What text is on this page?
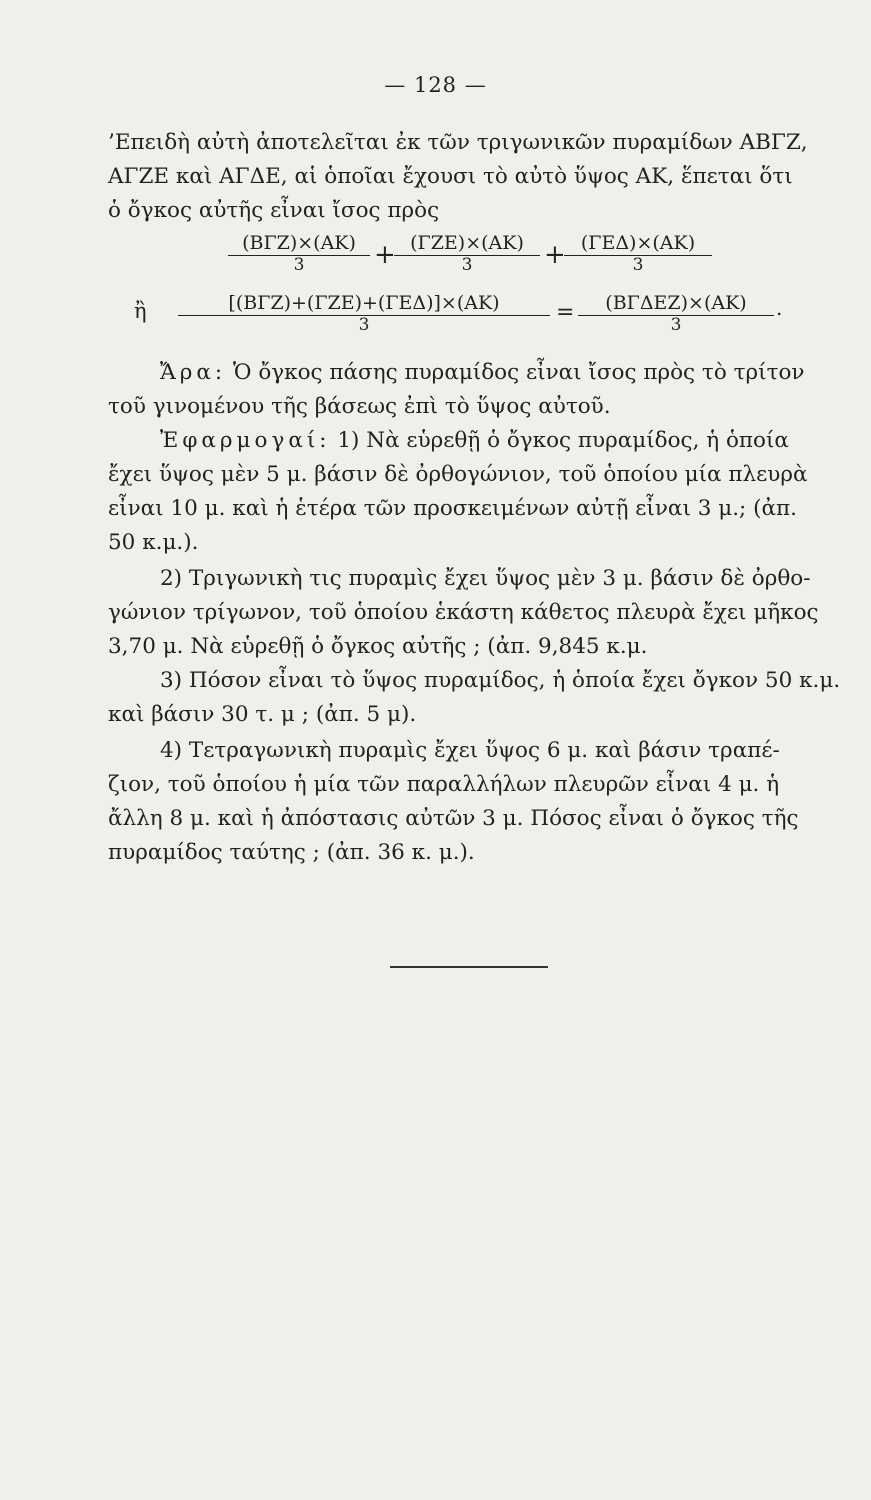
— 128 —
’Επειδὴ αὐτὴ ἀποτελεῖται ἐκ τῶν τριγωνικῶν πυραμίδων ΑΒΓΖ,
ΑΓΖΕ καὶ ΑΓΔΕ, αἱ ὁποῖαι ἔχουσι τὸ αὐτὸ ὕψος ΑΚ, ἕπεται ὅτι
ὁ ὄγκος αὐτῆς εἶναι ἴσος πρὸς
(ΒΓΖ)×(ΑΚ)
3	+ (ΓΖΕ)×(ΑΚ)
3	+ (ΓΕΔ)×(ΑΚ)
3
ἢ	[(ΒΓΖ)+(ΓΖΕ)+(ΓΕΔ)]×(ΑΚ)
3	=	(ΒΓΔΕΖ)×(ΑΚ)
3
.
Ἄρα: Ὁ ὄγκος πάσης πυραμίδος εἶναι ἴσος πρὸς τὸ τρίτον
τοῦ γινομένου τῆς βάσεως ἐπὶ τὸ ὕψος αὐτοῦ.
Ἐφαρμογαί: 1) Νὰ εὑρεθῇ ὁ ὄγκος πυραμίδος, ἡ ὁποία
ἔχει ὕψος μὲν 5 μ. βάσιν δὲ ὀρθογώνιον, τοῦ ὁποίου μία πλευρὰ
εἶναι 10 μ. καὶ ἡ ἑτέρα τῶν προσκειμένων αὐτῇ εἶναι 3 μ.; (ἀπ.
50 κ.μ.).
2) Τριγωνικὴ τις πυραμὶς ἔχει ὕψος μὲν 3 μ. βάσιν δὲ ὀρθο-
γώνιον τρίγωνον, τοῦ ὁποίου ἑκάστη κάθετος πλευρὰ ἔχει μῆκος
3,70 μ. Νὰ εὑρεθῇ ὁ ὄγκος αὐτῆς ; (ἀπ. 9,845 κ.μ.
3) Πόσον εἶναι τὸ ὕψος πυραμίδος, ἡ ὁποία ἔχει ὄγκον 50 κ.μ.
καὶ βάσιν 30 τ. μ ; (ἀπ. 5 μ).
4) Τετραγωνικὴ πυραμὶς ἔχει ὕψος 6 μ. καὶ βάσιν τραπέ-
ζιον, τοῦ ὁποίου ἡ μία τῶν παραλλήλων πλευρῶν εἶναι 4 μ. ἡ
ἄλλη 8 μ. καὶ ἡ ἀπόστασις αὐτῶν 3 μ. Πόσος εἶναι ὁ ὄγκος τῆς
πυραμίδος ταύτης ; (ἀπ. 36 κ. μ.).
